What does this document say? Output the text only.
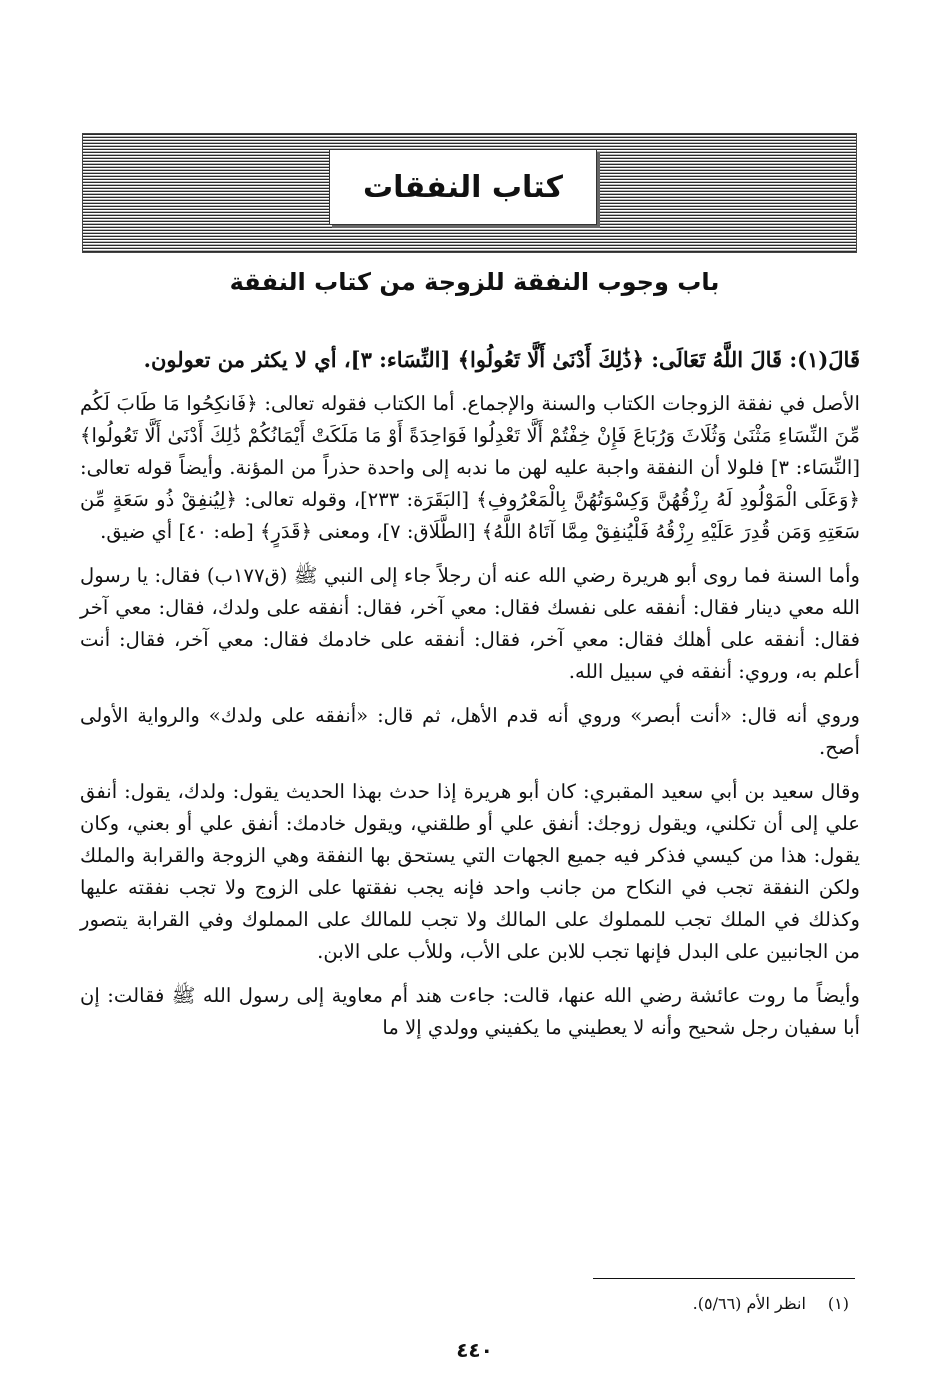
كتاب النفقات
باب وجوب النفقة للزوجة من كتاب النفقة

قَالَ(١): قَالَ اللَّهُ تَعَالَى: ﴿ذَٰلِكَ أَدْنَىٰ أَلَّا تَعُولُوا﴾ [النِّسَاء: ٣]، أي لا يكثر من تعولون.

الأصل في نفقة الزوجات الكتاب والسنة والإجماع. أما الكتاب فقوله تعالى: ﴿فَانكِحُوا مَا طَابَ لَكُم مِّنَ النِّسَاءِ مَثْنَىٰ وَثُلَاثَ وَرُبَاعَ فَإِنْ خِفْتُمْ أَلَّا تَعْدِلُوا فَوَاحِدَةً أَوْ مَا مَلَكَتْ أَيْمَانُكُمْ ذَٰلِكَ أَدْنَىٰ أَلَّا تَعُولُوا﴾ [النِّسَاء: ٣] فلولا أن النفقة واجبة عليه لهن ما ندبه إلى واحدة حذراً من المؤنة. وأيضاً قوله تعالى: ﴿وَعَلَى الْمَوْلُودِ لَهُ رِزْقُهُنَّ وَكِسْوَتُهُنَّ بِالْمَعْرُوفِ﴾ [البَقَرَة: ٢٣٣]، وقوله تعالى: ﴿لِيُنفِقْ ذُو سَعَةٍ مِّن سَعَتِهِ وَمَن قُدِرَ عَلَيْهِ رِزْقُهُ فَلْيُنفِقْ مِمَّا آتَاهُ اللَّهُ﴾ [الطَّلَاق: ٧]، ومعنى ﴿قَدَرٍ﴾ [طه: ٤٠] أي ضيق.

وأما السنة فما روى أبو هريرة رضي الله عنه أن رجلاً جاء إلى النبي ﷺ (ق١٧٧ب) فقال: يا رسول الله معي دينار فقال: أنفقه على نفسك فقال: معي آخر، فقال: أنفقه على ولدك، فقال: معي آخر فقال: أنفقه على أهلك فقال: معي آخر، فقال: أنفقه على خادمك فقال: معي آخر، فقال: أنت أعلم به، وروي: أنفقه في سبيل الله.

وروي أنه قال: «أنت أبصر» وروي أنه قدم الأهل، ثم قال: «أنفقه على ولدك» والرواية الأولى أصح.

وقال سعيد بن أبي سعيد المقبري: كان أبو هريرة إذا حدث بهذا الحديث يقول: ولدك، يقول: أنفق علي إلى أن تكلني، ويقول زوجك: أنفق علي أو طلقني، ويقول خادمك: أنفق علي أو بعني، وكان يقول: هذا من كيسي فذكر فيه جميع الجهات التي يستحق بها النفقة وهي الزوجة والقرابة والملك ولكن النفقة تجب في النكاح من جانب واحد فإنه يجب نفقتها على الزوج ولا تجب نفقته عليها وكذلك في الملك تجب للمملوك على المالك ولا تجب للمالك على المملوك وفي القرابة يتصور من الجانبين على البدل فإنها تجب للابن على الأب، وللأب على الابن.

وأيضاً ما روت عائشة رضي الله عنها، قالت: جاءت هند أم معاوية إلى رسول الله ﷺ فقالت: إن أبا سفيان رجل شحيح وأنه لا يعطيني ما يكفيني وولدي إلا ما

(١)انظر الأم (٥/٦٦).
٤٤٠
